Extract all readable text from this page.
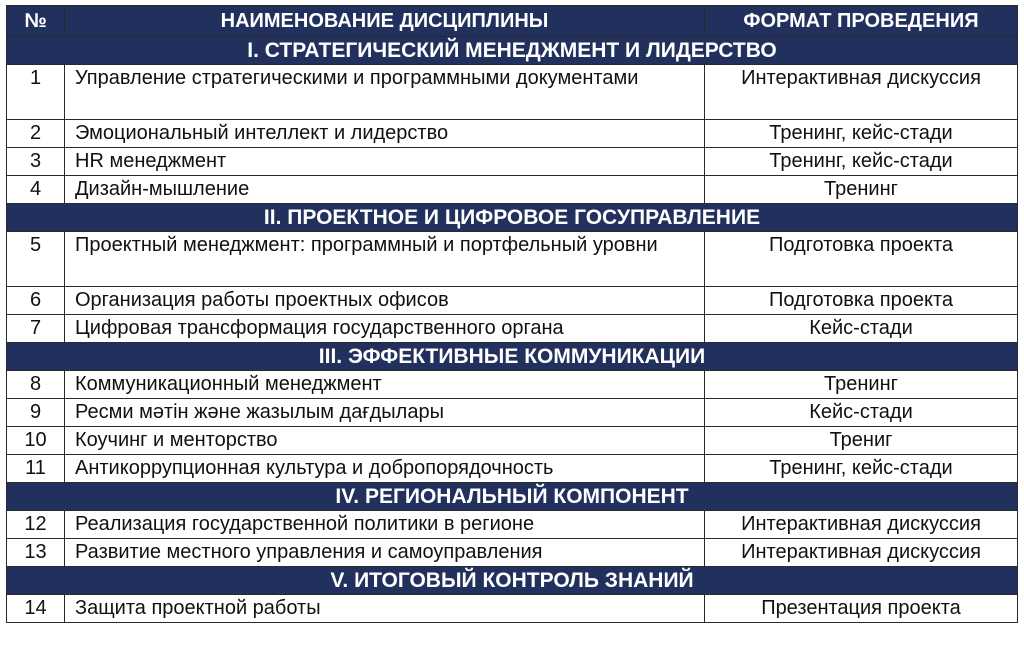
№	НАИМЕНОВАНИЕ ДИСЦИПЛИНЫ	ФОРМАТ ПРОВЕДЕНИЯ
I. СТРАТЕГИЧЕСКИЙ МЕНЕДЖМЕНТ И ЛИДЕРСТВО		
1	Управление стратегическими и программными документами	Интерактивная дискуссия
2	Эмоциональный интеллект и лидерство	Тренинг, кейс-стади
3	HR менеджмент	Тренинг, кейс-стади
4	Дизайн-мышление	Тренинг
II. ПРОЕКТНОЕ И ЦИФРОВОЕ ГОСУПРАВЛЕНИЕ		
5	Проектный менеджмент: программный и портфельный уровни	Подготовка проекта
6	Организация работы проектных офисов	Подготовка проекта
7	Цифровая трансформация государственного органа	Кейс-стади
III. ЭФФЕКТИВНЫЕ КОММУНИКАЦИИ		
8	Коммуникационный менеджмент	Тренинг
9	Ресми мәтін және жазылым дағдылары	Кейс-стади
10	Коучинг и менторство	Трениг
11	Антикоррупционная культура и добропорядочность	Тренинг, кейс-стади
IV. РЕГИОНАЛЬНЫЙ КОМПОНЕНТ		
12	Реализация государственной политики в регионе	Интерактивная дискуссия
13	Развитие местного управления и самоуправления	Интерактивная дискуссия
V. ИТОГОВЫЙ КОНТРОЛЬ ЗНАНИЙ		
14	Защита проектной работы	Презентация проекта
